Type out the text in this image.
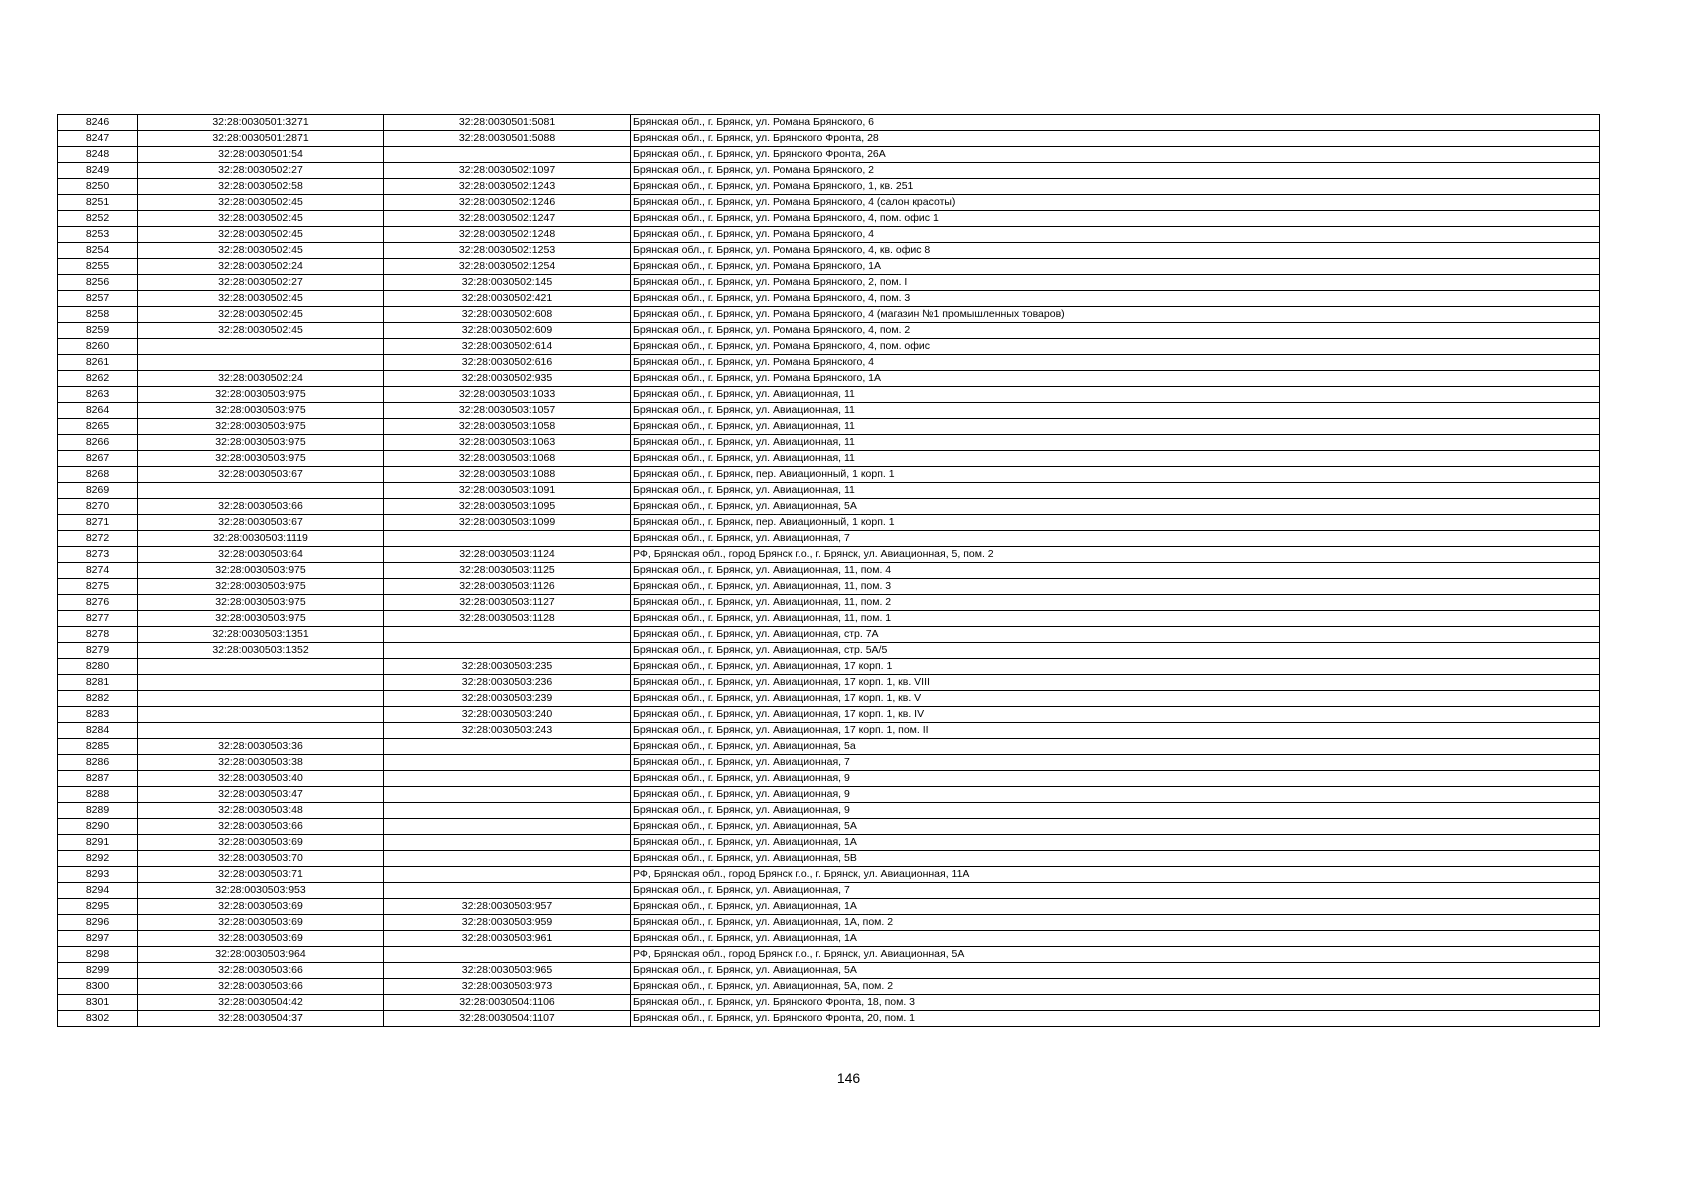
8246	32:28:0030501:3271	32:28:0030501:5081	Брянская обл., г. Брянск, ул. Романа Брянского, 6
8247	32:28:0030501:2871	32:28:0030501:5088	Брянская обл., г. Брянск, ул. Брянского Фронта, 28
8248	32:28:0030501:54		Брянская обл., г. Брянск, ул. Брянского Фронта, 26А
8249	32:28:0030502:27	32:28:0030502:1097	Брянская обл., г. Брянск, ул. Романа Брянского, 2
8250	32:28:0030502:58	32:28:0030502:1243	Брянская обл., г. Брянск, ул. Романа Брянского, 1, кв. 251
8251	32:28:0030502:45	32:28:0030502:1246	Брянская обл., г. Брянск, ул. Романа Брянского, 4 (салон красоты)
8252	32:28:0030502:45	32:28:0030502:1247	Брянская обл., г. Брянск, ул. Романа Брянского, 4, пом. офис 1
8253	32:28:0030502:45	32:28:0030502:1248	Брянская обл., г. Брянск, ул. Романа Брянского, 4
8254	32:28:0030502:45	32:28:0030502:1253	Брянская обл., г. Брянск, ул. Романа Брянского, 4, кв. офис 8
8255	32:28:0030502:24	32:28:0030502:1254	Брянская обл., г. Брянск, ул. Романа Брянского, 1А
8256	32:28:0030502:27	32:28:0030502:145	Брянская обл., г. Брянск, ул. Романа Брянского, 2, пом. I
8257	32:28:0030502:45	32:28:0030502:421	Брянская обл., г. Брянск, ул. Романа Брянского, 4, пом. 3
8258	32:28:0030502:45	32:28:0030502:608	Брянская обл., г. Брянск, ул. Романа Брянского, 4 (магазин №1 промышленных товаров)
8259	32:28:0030502:45	32:28:0030502:609	Брянская обл., г. Брянск, ул. Романа Брянского, 4, пом. 2
8260		32:28:0030502:614	Брянская обл., г. Брянск, ул. Романа Брянского, 4, пом. офис
8261		32:28:0030502:616	Брянская обл., г. Брянск, ул. Романа Брянского, 4
8262	32:28:0030502:24	32:28:0030502:935	Брянская обл., г. Брянск, ул. Романа Брянского, 1А
8263	32:28:0030503:975	32:28:0030503:1033	Брянская обл., г. Брянск, ул. Авиационная, 11
8264	32:28:0030503:975	32:28:0030503:1057	Брянская обл., г. Брянск, ул. Авиационная, 11
8265	32:28:0030503:975	32:28:0030503:1058	Брянская обл., г. Брянск, ул. Авиационная, 11
8266	32:28:0030503:975	32:28:0030503:1063	Брянская обл., г. Брянск, ул. Авиационная, 11
8267	32:28:0030503:975	32:28:0030503:1068	Брянская обл., г. Брянск, ул. Авиационная, 11
8268	32:28:0030503:67	32:28:0030503:1088	Брянская обл., г. Брянск, пер. Авиационный, 1 корп. 1
8269		32:28:0030503:1091	Брянская обл., г. Брянск, ул. Авиационная, 11
8270	32:28:0030503:66	32:28:0030503:1095	Брянская обл., г. Брянск, ул. Авиационная, 5А
8271	32:28:0030503:67	32:28:0030503:1099	Брянская обл., г. Брянск, пер. Авиационный, 1 корп. 1
8272	32:28:0030503:1119		Брянская обл., г. Брянск, ул. Авиационная, 7
8273	32:28:0030503:64	32:28:0030503:1124	РФ, Брянская обл., город Брянск г.о., г. Брянск, ул. Авиационная, 5, пом. 2
8274	32:28:0030503:975	32:28:0030503:1125	Брянская обл., г. Брянск, ул. Авиационная, 11, пом. 4
8275	32:28:0030503:975	32:28:0030503:1126	Брянская обл., г. Брянск, ул. Авиационная, 11, пом. 3
8276	32:28:0030503:975	32:28:0030503:1127	Брянская обл., г. Брянск, ул. Авиационная, 11, пом. 2
8277	32:28:0030503:975	32:28:0030503:1128	Брянская обл., г. Брянск, ул. Авиационная, 11, пом. 1
8278	32:28:0030503:1351		Брянская обл., г. Брянск, ул. Авиационная, стр. 7А
8279	32:28:0030503:1352		Брянская обл., г. Брянск, ул. Авиационная, стр. 5А/5
8280		32:28:0030503:235	Брянская обл., г. Брянск, ул. Авиационная, 17 корп. 1
8281		32:28:0030503:236	Брянская обл., г. Брянск, ул. Авиационная, 17 корп. 1, кв. VIII
8282		32:28:0030503:239	Брянская обл., г. Брянск, ул. Авиационная, 17 корп. 1, кв. V
8283		32:28:0030503:240	Брянская обл., г. Брянск, ул. Авиационная, 17 корп. 1, кв. IV
8284		32:28:0030503:243	Брянская обл., г. Брянск, ул. Авиационная, 17 корп. 1, пом. II
8285	32:28:0030503:36		Брянская обл., г. Брянск, ул. Авиационная, 5а
8286	32:28:0030503:38		Брянская обл., г. Брянск, ул. Авиационная, 7
8287	32:28:0030503:40		Брянская обл., г. Брянск, ул. Авиационная, 9
8288	32:28:0030503:47		Брянская обл., г. Брянск, ул. Авиационная, 9
8289	32:28:0030503:48		Брянская обл., г. Брянск, ул. Авиационная, 9
8290	32:28:0030503:66		Брянская обл., г. Брянск, ул. Авиационная, 5А
8291	32:28:0030503:69		Брянская обл., г. Брянск, ул. Авиационная, 1А
8292	32:28:0030503:70		Брянская обл., г. Брянск, ул. Авиационная, 5В
8293	32:28:0030503:71		РФ, Брянская обл., город Брянск г.о., г. Брянск, ул. Авиационная, 11А
8294	32:28:0030503:953		Брянская обл., г. Брянск, ул. Авиационная, 7
8295	32:28:0030503:69	32:28:0030503:957	Брянская обл., г. Брянск, ул. Авиационная, 1А
8296	32:28:0030503:69	32:28:0030503:959	Брянская обл., г. Брянск, ул. Авиационная, 1А, пом. 2
8297	32:28:0030503:69	32:28:0030503:961	Брянская обл., г. Брянск, ул. Авиационная, 1А
8298	32:28:0030503:964		РФ, Брянская обл., город Брянск г.о., г. Брянск, ул. Авиационная, 5А
8299	32:28:0030503:66	32:28:0030503:965	Брянская обл., г. Брянск, ул. Авиационная, 5А
8300	32:28:0030503:66	32:28:0030503:973	Брянская обл., г. Брянск, ул. Авиационная, 5А, пом. 2
8301	32:28:0030504:42	32:28:0030504:1106	Брянская обл., г. Брянск, ул. Брянского Фронта, 18, пом. 3
8302	32:28:0030504:37	32:28:0030504:1107	Брянская обл., г. Брянск, ул. Брянского Фронта, 20, пом. 1
146
